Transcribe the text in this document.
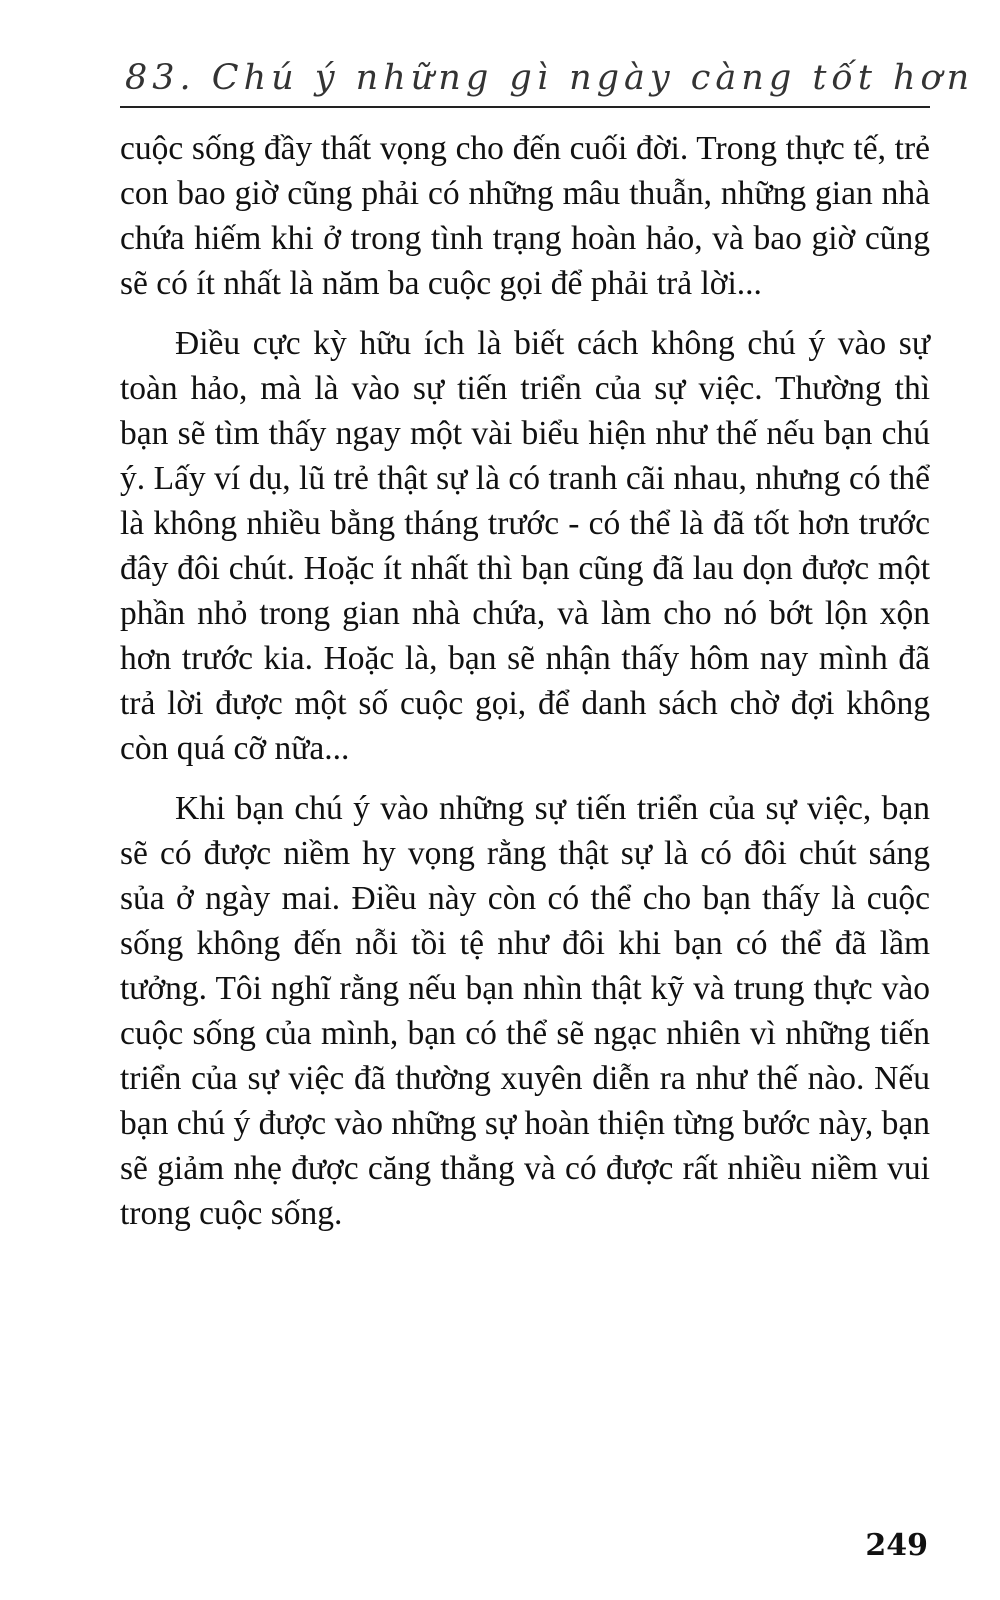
83. Chú ý những gì ngày càng tốt hơn

cuộc sống đầy thất vọng cho đến cuối đời. Trong thực tế, trẻ con bao giờ cũng phải có những mâu thuẫn, những gian nhà chứa hiếm khi ở trong tình trạng hoàn hảo, và bao giờ cũng sẽ có ít nhất là năm ba cuộc gọi để phải trả lời...

Điều cực kỳ hữu ích là biết cách không chú ý vào sự toàn hảo, mà là vào sự tiến triển của sự việc. Thường thì bạn sẽ tìm thấy ngay một vài biểu hiện như thế nếu bạn chú ý. Lấy ví dụ, lũ trẻ thật sự là có tranh cãi nhau, nhưng có thể là không nhiều bằng tháng trước - có thể là đã tốt hơn trước đây đôi chút. Hoặc ít nhất thì bạn cũng đã lau dọn được một phần nhỏ trong gian nhà chứa, và làm cho nó bớt lộn xộn hơn trước kia. Hoặc là, bạn sẽ nhận thấy hôm nay mình đã trả lời được một số cuộc gọi, để danh sách chờ đợi không còn quá cỡ nữa...

Khi bạn chú ý vào những sự tiến triển của sự việc, bạn sẽ có được niềm hy vọng rằng thật sự là có đôi chút sáng sủa ở ngày mai. Điều này còn có thể cho bạn thấy là cuộc sống không đến nỗi tồi tệ như đôi khi bạn có thể đã lầm tưởng. Tôi nghĩ rằng nếu bạn nhìn thật kỹ và trung thực vào cuộc sống của mình, bạn có thể sẽ ngạc nhiên vì những tiến triển của sự việc đã thường xuyên diễn ra như thế nào. Nếu bạn chú ý được vào những sự hoàn thiện từng bước này, bạn sẽ giảm nhẹ được căng thẳng và có được rất nhiều niềm vui trong cuộc sống.

249
